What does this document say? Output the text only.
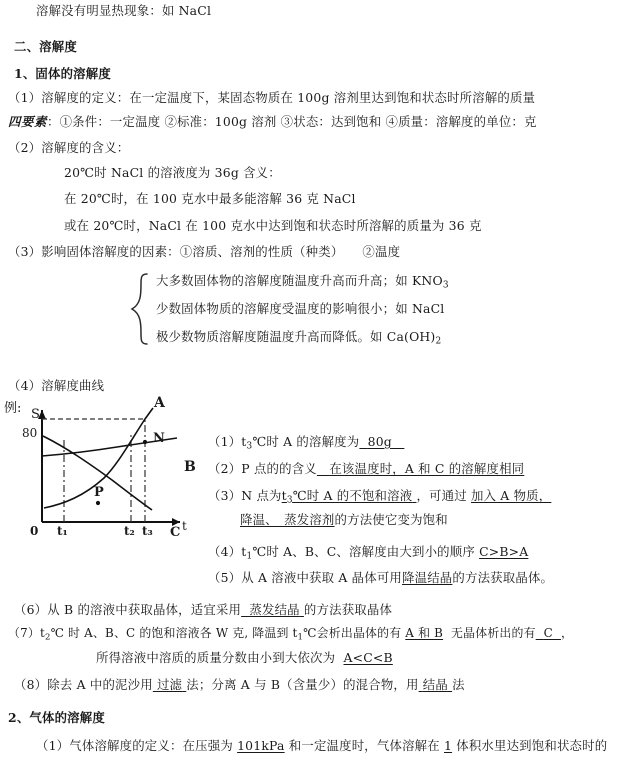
溶解没有明显热现象：如 NaCl
二、溶解度
1、固体的溶解度
（1）溶解度的定义：在一定温度下，某固态物质在 100g 溶剂里达到饱和状态时所溶解的质量
四要素：①条件：一定温度 ②标准：100g 溶剂 ③状态：达到饱和 ④质量：溶解度的单位：克
（2）溶解度的含义：
20℃时 NaCl 的溶液度为 36g 含义：
在 20℃时，在 100 克水中最多能溶解 36 克 NaCl
或在 20℃时，NaCl 在 100 克水中达到饱和状态时所溶解的质量为 36 克
（3）影响固体溶解度的因素：①溶质、溶剂的性质（种类）　　②温度
大多数固体物的溶解度随温度升高而升高；如 $KNO_3$
少数固体物质的溶解度受温度的影响很小；如 NaCl
极少数物质溶解度随温度升高而降低。如 $Ca(OH)_2$
（4）溶解度曲线
例: S
80
A
B
C
N
P
0 t₁	t₂ t₃ t
$(1)t_3℃$时 A 的溶解度为 80g
（2）P 点的的含义 在该温度时，A 和 C 的溶解度相同
（3）N 点为$t_3℃$时 A 的不饱和溶液 ，可通过 加入 A 物质，
降温、　蒸发溶剂的方法使它变为饱和
$(4)t_1℃$时 A、B、C、溶解度由大到小的顺序 C>B>A
（5）从 A 溶液中获取 A 晶体可用降温结晶的方法获取晶体。
（6）从 B 的溶液中获取晶体，适宜采用 蒸发结晶 的方法获取晶体
$(7)t_2℃$ 时 A、B、C 的饱和溶液各 W 克, 降温到 $t_1℃$会析出晶体的有 A 和 B 无晶体析出的有 C ，
所得溶液中溶质的质量分数由小到大依次为 A<C<B
（8）除去 A 中的泥沙用 过滤 法；分离 A 与 B（含量少）的混合物，用 结晶 法
2、气体的溶解度
（1）气体溶解度的定义：在压强为 101kPa 和一定温度时，气体溶解在 1 体积水里达到饱和状态时的
